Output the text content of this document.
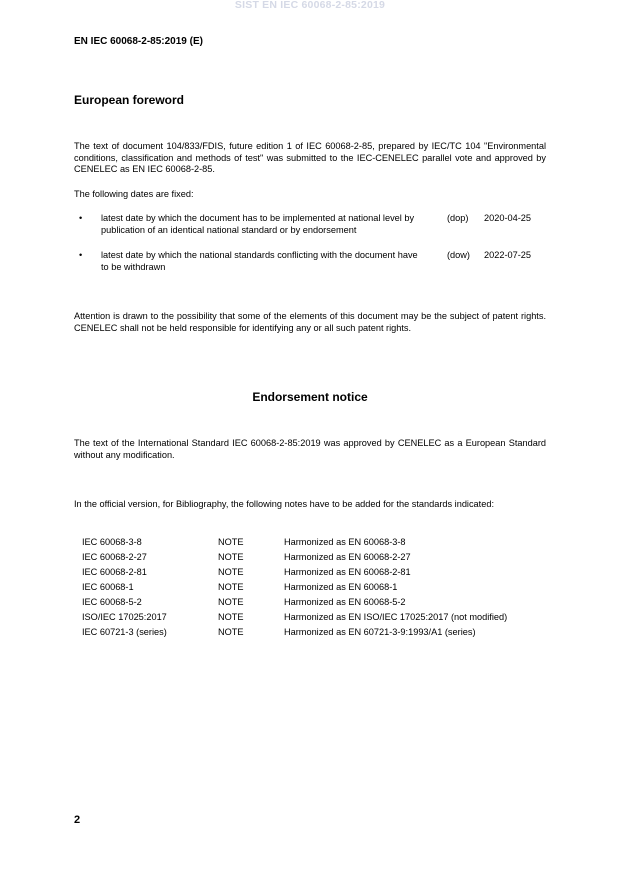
SIST EN IEC 60068-2-85:2019
EN IEC 60068-2-85:2019 (E)
European foreword
The text of document 104/833/FDIS, future edition 1 of IEC 60068-2-85, prepared by IEC/TC 104 "Environmental conditions, classification and methods of test" was submitted to the IEC-CENELEC parallel vote and approved by CENELEC as EN IEC 60068-2-85.
The following dates are fixed:
• latest date by which the document has to be implemented at national level by publication of an identical national standard or by endorsement
(dop) 2020-04-25
• latest date by which the national standards conflicting with the document have to be withdrawn
(dow) 2022-07-25
Attention is drawn to the possibility that some of the elements of this document may be the subject of patent rights. CENELEC shall not be held responsible for identifying any or all such patent rights.
Endorsement notice
The text of the International Standard IEC 60068-2-85:2019 was approved by CENELEC as a European Standard without any modification.
In the official version, for Bibliography, the following notes have to be added for the standards indicated:
IEC 60068-3-8	NOTE	Harmonized as EN 60068-3-8
IEC 60068-2-27	NOTE	Harmonized as EN 60068-2-27
IEC 60068-2-81	NOTE	Harmonized as EN 60068-2-81
IEC 60068-1	NOTE	Harmonized as EN 60068-1
IEC 60068-5-2	NOTE	Harmonized as EN 60068-5-2
ISO/IEC 17025:2017	NOTE	Harmonized as EN ISO/IEC 17025:2017 (not modified)
IEC 60721-3 (series)	NOTE	Harmonized as EN 60721-3-9:1993/A1 (series)
2
